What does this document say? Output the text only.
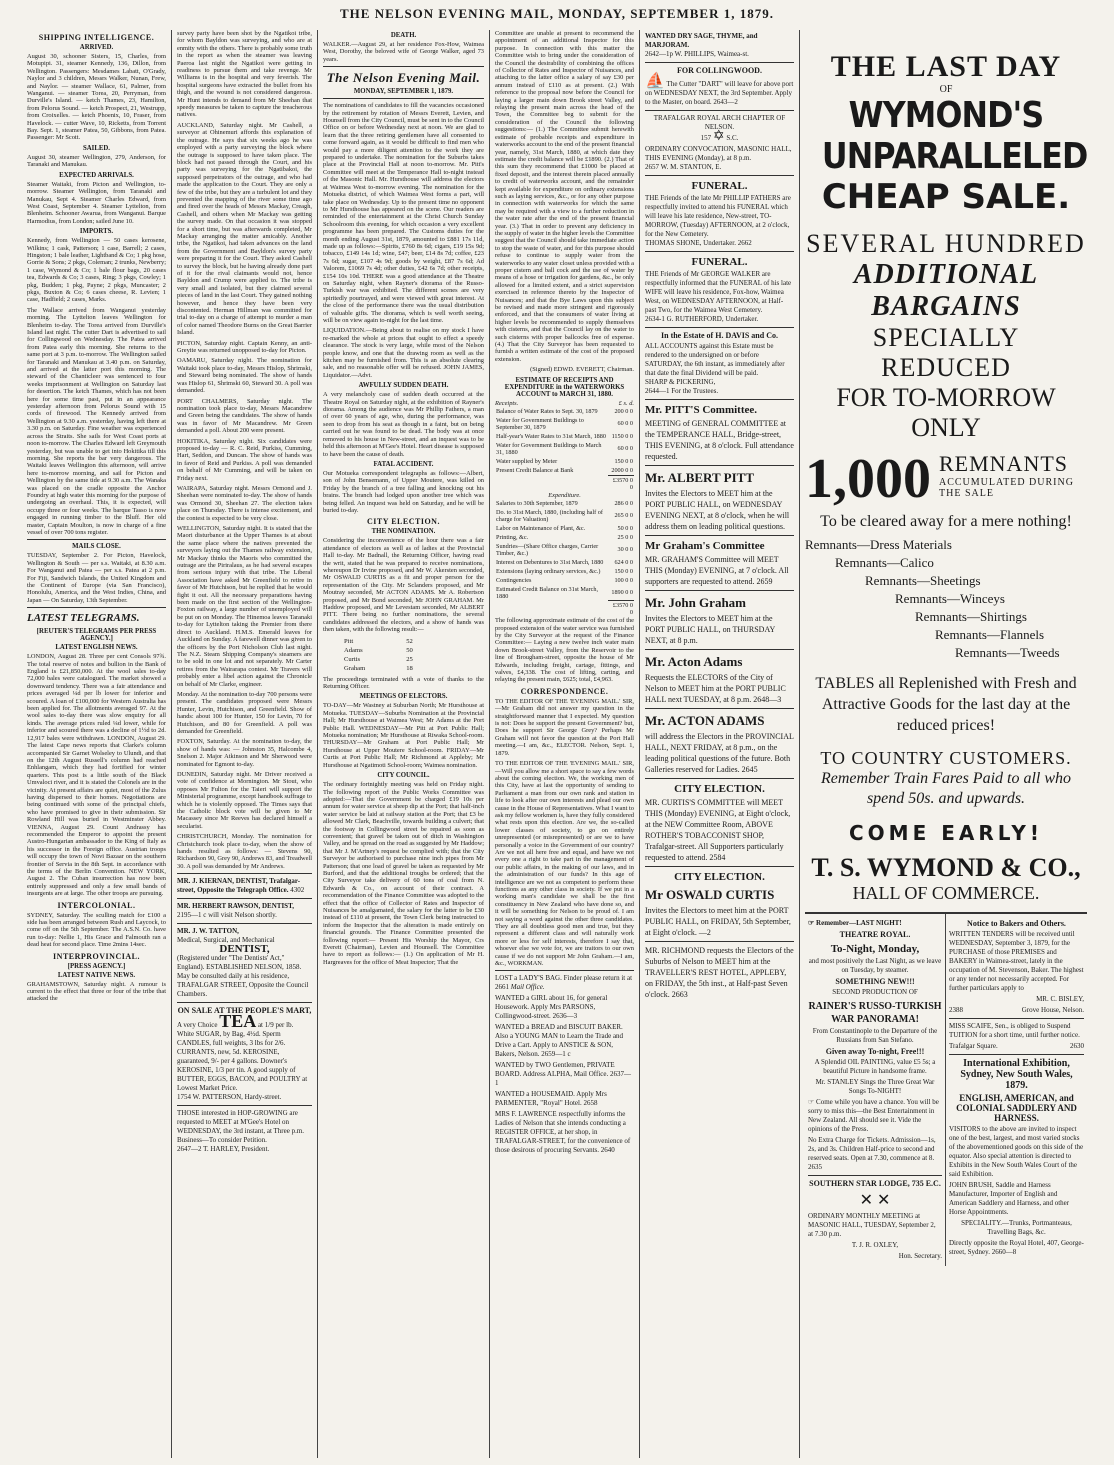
THE NELSON EVENING MAIL, MONDAY, SEPTEMBER 1, 1879.
SHIPPING INTELLIGENCE.
ARRIVED.

August 30, schooner Sisters, 15, Charles, from Motupipi. 31, steamer Kennedy, 136, Dillon, from Wellington. Passengers: Mesdames Labatt, O'Grady, Naylor and 3 children, Messrs Walker, Nunan, Frew, and Naylor. — steamer Wallace, 61, Palmer, from Wanganui. — steamer Torea, 20, Perryman, from Durville's Island. — ketch Thames, 23, Hamilton, from Pelorus Sound. — ketch Prospect, 21, Westrupp, from Croixelles. — ketch Phoenix, 10, Fraser, from Havelock. — cutter Wave, 10, Ricketts, from Torrent Bay. Sept. 1, steamer Patea, 50, Gibbons, from Patea. Passenger: Mr Scott.

SAILED.

August 30, steamer Wellington, 279, Anderson, for Taranaki and Manukau.

EXPECTED ARRIVALS.

Steamer Waitaki, from Picton and Wellington, to-morrow. Steamer Wellington, from Taranaki and Manukau, Sept 4. Steamer Charles Edward, from West Coast, September 4. Steamer Lyttelton, from Blenheim. Schooner Awarua, from Wanganui. Barque Harmodius, from London; sailed June 10.

IMPORTS.

Kennedy, from Wellington — 50 cases kerosene, Wilkins; 1 cask, Patterson; 1 case, Barrell; 2 cases, Hingston; 1 bale leather, Lightband & Co; 1 pkg hose, Gorrie & Sons; 2 pkgs, Coleman; 2 trunks, Newberry; 1 case, Wymond & Co; 1 bale flour bags, 20 cases tea, Edwards & Co; 3 cases, Ring; 3 pkgs, Cowley; 1 pkg, Budden; 1 pkg, Payne; 2 pkgs, Muncaster; 2 pkgs, Buxton & Co; 6 cases cheese, R. Levien; 1 case, Hadfield; 2 cases, Marks.

The Wallace arrived from Wanganui yesterday morning. The Lyttelton leaves Wellington for Blenheim to-day. The Torea arrived from Durville's Island last night. The cutter Dart is advertised to sail for Collingwood on Wednesday. The Patea arrived from Patea early this morning. She returns to the same port at 3 p.m. to-morrow. The Wellington sailed for Taranaki and Manukau at 3.40 p.m. on Saturday, and arrived at the latter port this morning. The steward of the Chanticleer was sentenced to four weeks imprisonment at Wellington on Saturday last for desertion. The ketch Thames, which has not been here for some time past, put in an appearance yesterday afternoon from Pelorus Sound with 15 cords of firewood. The Kennedy arrived from Wellington at 9.30 a.m. yesterday, having left there at 3.30 p.m. on Saturday. Fine weather was experienced across the Straits. She sails for West Coast ports at noon to-morrow. The Charles Edward left Greymouth yesterday, but was unable to get into Hokitika till this morning. She reports the bar very dangerous. The Waitaki leaves Wellington this afternoon, will arrive here to-morrow morning, and sail for Picton and Wellington by the same tide at 9.30 a.m. The Wanaka was placed on the cradle opposite the Anchor Foundry at high water this morning for the purpose of undergoing an overhaul. This, it is expected, will occupy three or four weeks. The barque Tasso is now engaged in running timber to the Bluff. Her old master, Captain Moulton, is now in charge of a fine vessel of over 700 tons register.

MAILS CLOSE.

TUESDAY, September 2. For Picton, Havelock, Wellington & South — per s.s. Waitaki, at 8.30 a.m. For Wanganui and Patea — per s.s. Patea at 2 p.m. For Fiji, Sandwich Islands, the United Kingdom and the Continent of Europe (via San Francisco), Honolulu, America, and the West Indies, China, and Japan — On Saturday, 13th September.

LATEST TELEGRAMS.
[REUTER'S TELEGRAMS PER PRESS AGENCY.]
LATEST ENGLISH NEWS.

LONDON, August 28. Three per cent Consols 97¾. The total reserve of notes and bullion in the Bank of England is £21,850,000. At the wool sales to-day 72,000 bales were catalogued. The market showed a downward tendency. There was a fair attendance and prices averaged ¼d per lb lower for inferior and scoured. A loan of £100,000 for Western Australia has been applied for. The allotments averaged 97. At the wool sales to-day there was slow enquiry for all kinds. The average prices ruled ¼d lower, while for inferior and scoured there was a decline of 1½d to 2d. 12,917 bales were withdrawn. LONDON, August 29. The latest Cape news reports that Clarke's column accompanied Sir Garnet Wolseley to Ulundi, and that on the 12th August Russell's column had reached Enhlangam, which they had fortified for winter quarters. This post is a little south of the Black Umvaloci river, and it is stated the Colonels are in the vicinity. At present affairs are quiet, most of the Zulus having dispersed to their homes. Negotiations are being continued with some of the principal chiefs, who have promised to give in their submission. Sir Rowland Hill was buried in Westminster Abbey. VIENNA, August 29. Count Andrassy has recommended the Emperor to appoint the present Austro-Hungarian ambassador to the King of Italy as his successor in the Foreign office. Austrian troops will occupy the town of Novi Bazaar on the southern frontier of Servia in the 8th Sept. in accordance with the terms of the Berlin Convention. NEW YORK, August 2. The Cuban insurrection has now been entirely suppressed and only a few small bands of insurgents are at large. The other troops are pursuing.

INTERCOLONIAL.

SYDNEY, Saturday. The sculling match for £100 a side has been arranged between Rush and Laycock, to come off on the 5th September. The A.S.N. Co. have run to-day: Nellie 1, His Grace and Falmouth ran a dead heat for second place. Time 2mins 14sec.

INTERPROVINCIAL.
[PRESS AGENCY.]
LATEST NATIVE NEWS.

GRAHAMSTOWN, Saturday night. A rumour is current to the effect that three or four of the tribe that attacked the

survey party have been shot by the Ngatikoi tribe, for whom Bayldon was surveying, and who are at enmity with the others. There is probably some truth in the report as when the steamer was leaving Paeroa last night the Ngatikoi were getting in readiness to pursue them and take revenge. Mr Williams is in the hospital and very feverish. The hospital surgeons have extracted the bullet from his thigh, and the wound is not considered dangerous. Mr Hunt intends to demand from Mr Sheehan that speedy measures be taken to capture the treacherous natives.

AUCKLAND, Saturday night. Mr Cashell, a surveyor at Ohinemuri affords this explanation of the outrage. He says that six weeks ago he was employed with a party surveying the block where the outrage is supposed to have taken place. The block had not passed through the Court, and his party was surveying for the Ngatibakoi, the supposed perpetrators of the outrage, and who had made the application to the Court. They are only a few of the tribe, but they are a turbulent lot and they prevented the mapping of the river some time ago and fired over the heads of Messrs Mackay, Creagh, Cashell, and others when Mr Mackay was getting the survey made. On that occasion it was stopped for a short time, but was afterwards completed, Mr Mackay arranging the matter amicably. Another tribe, the Ngatikoi, had taken advances on the land from the Government and Bayldon's survey party were preparing it for the Court. They asked Cashell to survey the block, but he having already done part of it for the rival claimants would not, hence Bayldon and Crump were applied to. The tribe is very small and isolated, but they claimed several pieces of land in the last Court. They gained nothing however, and hence they have been very discontented. Herman Hillman was committed for trial to-day on a charge of attempt to murder a man of color named Theodore Burns on the Great Barrier Island.

PICTON, Saturday night. Captain Kenny, an anti-Greyite was returned unopposed to-day for Picton.

OAMARU, Saturday night. The nomination for Waitaki took place to-day, Messrs Hislop, Shrimski, and Steward being nominated. The show of hands was Hislop 61, Shrimski 60, Steward 30. A poll was demanded.

PORT CHALMERS, Saturday night. The nomination took place to-day, Messrs Macandrew and Green being the candidates. The show of hands was in favor of Mr Macandrew. Mr Green demanded a poll. About 200 were present.

HOKITIKA, Saturday night. Six candidates were proposed to-day — R. C. Reid, Purkiss, Cumming, Hart, Seddon, and Duncan. The show of hands was in favor of Reid and Purkiss. A poll was demanded on behalf of Mr Cumming, and will be taken on Friday next.

WAIRAPA, Saturday night. Messrs Ormond and J. Sheehan were nominated to-day. The show of hands was Ormond 30, Sheehan 27. The election takes place on Thursday. There is intense excitement, and the contest is expected to be very close.

WELLINGTON, Saturday night. It is stated that the Maori disturbance at the Upper Thames is at about the same place where the natives prevented the surveyors laying out the Thames railway extension, Mr Mackay thinks the Maoris who committed the outrage are the Piriralaus, as he had several escapes from serious injury with that tribe. The Liberal Association have asked Mr Greenfield to retire in favor of Mr Hutchison, but he replied that he would fight it out. All the necessary preparations having been made on the first section of the Wellington-Foxton railway, a large number of unemployed will be put on on Monday. The Hinemoa leaves Taranaki to-day for Lyttelton taking the Premier from there direct to Auckland. H.M.S. Emerald leaves for Auckland on Sunday. A farewell dinner was given to the officers by the Port Nicholson Club last night. The N.Z. Steam Shipping Company's steamers are to be sold in one lot and not separately. Mr Carter retires from the Wairarapa contest. Mr Travers will probably enter a libel action against the Chronicle on behalf of Mr Clarke, engineer.

Monday. At the nomination to-day 700 persons were present. The candidates proposed were Messrs Hunter, Levin, Hutchison, and Greenfield. Show of hands: about 100 for Hunter, 150 for Levin, 70 for Hutchison, and 80 for Greenfield. A poll was demanded for Greenfield.

FOXTON, Saturday. At the nomination to-day, the show of hands was: — Johnston 35, Halcombe 4, Snelson 2. Major Atkinson and Mr Sherwood were nominated for Egmont to-day.

DUNEDIN, Saturday night. Mr Driver received a vote of confidence at Mornington. Mr Stout, who opposes Mr Fulton for the Taieri will support the Ministerial programme, except handbook suffrage to which he is violently opposed. The Times says that the Catholic block vote will be given to Mr Macassey since Mr Reeves has declared himself a secularist.

CHRISTCHURCH, Monday. The nomination for Christchurch took place to-day, when the show of hands resulted as follows: — Stevens 90, Richardson 90, Grey 90, Andrews 83, and Treadwell 30. A poll was demanded by Mr Andrews.

MR. J. KIERNAN, DENTIST, Trafalgar-street, Opposite the Telegraph Office. 4302
MR. HERBERT RAWSON, DENTIST,
2195—1 c will visit Nelson shortly.
MR. J. W. TATTON,
Medical, Surgical, and Mechanical
DENTIST,
(Registered under "The Dentists' Act," England). ESTABLISHED NELSON, 1858. May be consulted daily at his residence, TRAFALGAR STREET, Opposite the Council Chambers.
ON SALE AT THE PEOPLE'S MART,
A very Choice TEA at 1/9 per lb.
White SUGAR, by Bag, 4½d. Sperm CANDLES, full weights, 3 lbs for 2/6. CURRANTS, new, 5d. KEROSINE, guaranteed, 9/- per 4 gallons. Downer's KEROSINE, 1/3 per tin. A good supply of BUTTER, EGGS, BACON, and POULTRY at Lowest Market Price.
1754 W. PATTERSON, Hardy-street.
THOSE interested in HOP-GROWING are requested to MEET at M'Gee's Hotel on WEDNESDAY, the 3rd instant, at Three p.m. Business—To consider Petition.
2647—2 T. HARLEY, President.
DEATH.

WALKER.—August 29, at her residence Fox-How, Waimea West, Dorothy, the beloved wife of George Walker, aged 73 years.

The Nelson Evening Mail.
MONDAY, SEPTEMBER 1, 1879.

The nominations of candidates to fill the vacancies occasioned by the retirement by rotation of Messrs Everett, Levien, and Hounsell from the City Council, must be sent in to the Council Office on or before Wednesday next at noon. We are glad to learn that the three retiring gentlemen have all consented to come forward again, as it would be difficult to find men who would pay a more diligent attention to the work they are prepared to undertake. The nomination for the Suburbs takes place at the Provincial Hall at noon to-morrow. Mr. Pitt's Committee will meet at the Temperance Hall to-night instead of the Masonic Hall. Mr. Hursthouse will address the electors at Waimea West to-morrow evening. The nomination for the Motueka district, of which Waimea West forms a part, will take place on Wednesday. Up to the present time no opponent to Mr Hursthouse has appeared on the scene. Our readers are reminded of the entertainment at the Christ Church Sunday Schoolroom this evening, for which occasion a very excellent programme has been prepared. The Customs duties for the month ending August 31st, 1879, amounted to £881 17s 11d, made up as follows:—Spirits, £760 8s 6d; cigars, £19 15s 9d; tobacco, £149 14s 1d; wine, £47; beer, £14 8s 7d; coffee, £23 7s 6d; sugar, £107 4s 9d; goods by weight, £87 7s 6d; Ad Valorem, £1069 7s 4d; other duties, £42 6s 7d; other receipts, £154 10s 10d. THERE was a good attendance at the Theatre on Saturday night, when Rayner's diorama of the Russo-Turkish war was exhibited. The different scenes are very spiritedly pourtrayed, and were viewed with great interest. At the close of the performance there was the usual distribution of valuable gifts. The diorama, which is well worth seeing, will be on view again to-night for the last time.

LIQUIDATION.—Being about to realise on my stock I have re-marked the whole at prices that ought to effect a speedy clearance. The stock is very large, while most of the Nelson people know, and one that the drawing room as well as the kitchen may be furnished from. This is an absolute clearing sale, and no reasonable offer will be refused. JOHN JAMES, Liquidator.—Advt.

AWFULLY SUDDEN DEATH.

A very melancholy case of sudden death occurred at the Theatre Royal on Saturday night, at the exhibition of Rayner's diorama. Among the audience was Mr Phillip Fathers, a man of over 60 years of age, who, during the performance, was seen to drop from his seat as though in a faint, but on being carried out he was found to be dead. The body was at once removed to his house in New-street, and an inquest was to be held this afternoon at M'Gee's Hotel. Heart disease is supposed to have been the cause of death.

FATAL ACCIDENT.

Our Motueka correspondent telegraphs as follows:—Albert, son of John Bensemann, of Upper Moutere, was killed on Friday by the branch of a tree falling and knocking out his brains. The branch had lodged upon another tree which was being felled. An inquest was held on Saturday, and he will be buried to-day.

CITY ELECTION.
THE NOMINATION.

Considering the inconvenience of the hour there was a fair attendance of electors as well as of ladies at the Provincial Hall to-day. Mr Badnall, the Returning Officer, having read the writ, stated that he was prepared to receive nominations, whereupon Dr Irvine proposed, and Mr W. Akersten seconded, Mr OSWALD CURTIS as a fit and proper person for the representation of the City. Mr Sclanders proposed, and Mr Moutray seconded, Mr ACTON ADAMS. Mr A. Robertson proposed, and Mr Bond seconded, Mr JOHN GRAHAM. Mr Haddow proposed, and Mr Levestam seconded, Mr ALBERT PITT. There being no further nominations, the several candidates addressed the electors, and a show of hands was then taken, with the following result:—

Pitt	52
Adams	50
Curtis	25
Graham	18

The proceedings terminated with a vote of thanks to the Returning Officer.

MEETINGS OF ELECTORS.

TO-DAY—Mr Wastney at Suburban North; Mr Hursthouse at Motueka. TUESDAY—Suburbs Nomination at the Provincial Hall; Mr Hursthouse at Waimea West; Mr Adams at the Port Public Hall. WEDNESDAY—Mr Pitt at Port Public Hall; Motueka nomination; Mr Hursthouse at Riwaka School-room. THURSDAY—Mr Graham at Port Public Hall; Mr Hursthouse at Upper Moutere School-room. FRIDAY—Mr Curtis at Port Public Hall; Mr Richmond at Appleby; Mr Hursthouse at Ngatimoti School-room; Waimea nomination.

CITY COUNCIL.

The ordinary fortnightly meeting was held on Friday night. The following report of the Public Works Committee was adopted:—That the Government be charged £19 10s per annum for water service at sheep dip at the Port; that half-inch water service be laid at railway station at the Port; that £3 be allowed Mr Clark, Beachville, towards building a culvert; that the footway in Collingwood street be repaired as soon as convenient; that gravel be taken out of ditch in Washington Valley, and be spread on the road as suggested by Mr Haddow; that Mr J. M'Artney's request be complied with; that the City Surveyor be authorised to purchase nine inch pipes from Mr Patterson; that one load of gravel be taken as requested by Mr Burford, and that the additional troughs be ordered; that the City Surveyor take delivery of 60 tons of coal from N. Edwards & Co., on account of their contract. A recommendation of the Finance Committee was adopted to the effect that the office of Collector of Rates and Inspector of Nuisances be amalgamated, the salary for the latter to be £30 instead of £110 at present, the Town Clerk being instructed to inform the Inspector that the alteration is made entirely on financial grounds. The Finance Committee presented the following report:— Present His Worship the Mayor, Crs Everett (Chairman), Levien and Hounsell. The Committee have to report as follows:— (1.) On application of Mr H. Hargreaves for the office of Meat Inspector; That the

Committee are unable at present to recommend the appointment of an additional Inspector for this purpose. In connection with this matter the Committee wish to bring under the consideration of the Council the desirability of combining the offices of Collector of Rates and Inspector of Nuisances, and attaching to the latter office a salary of say £30 per annum instead of £110 as at present. (2.) With reference to the proposal now before the Council for laying a larger main down Brook street Valley, and relaying the present main across the head of the Town, the Committee beg to submit for the consideration of the Council the following suggestions:— (1.) The Committee submit herewith estimate of probable receipts and expenditure in waterworks account to the end of the present financial year, namely, 31st March, 1880, at which date they estimate the credit balance will be £1890. (2.) That of this sum they recommend that £1000 be placed at fixed deposit, and the interest therein placed annually to credit of waterworks account, and the remainder kept available for expenditure on ordinary extensions such as laying services, &c., or for any other purpose in connection with waterworks for which the same may be required with a view to a further reduction in the water rate after the end of the present financial year. (3.) That in order to prevent any deficiency in the supply of water in the higher levels the Committee suggest that the Council should take immediate action to stop the waste of water, and for this purpose should refuse to continue to supply water from the waterworks to any water closet unless provided with a proper cistern and ball cock and the use of water by means of a hose or irrigation for gardens, &c., be only allowed for a limited extent, and a strict supervision exercised in reference thereto by the Inspector of Nuisances; and that the Bye Laws upon this subject be revised and made more stringent and rigorously enforced, and that the consumers of water living at higher levels be recommended to supply themselves with cisterns, and that the Council lay on the water to such cisterns with proper ballcocks free of expense. (4.) That the City Surveyor has been requested to furnish a written estimate of the cost of the proposed extension.

(Signed) EDWD. EVERETT, Chairman.

ESTIMATE OF RECEIPTS AND EXPENDITURE in the WATERWORKS ACCOUNT to MARCH 31, 1880.
Receipts.	£ s. d.
Balance of Water Rates to Sept. 30, 1879	200 0 0
Water for Government Buildings to September 30, 1879	60 0 0
Half-year's Water Rates to 31st March, 1880	1150 0 0
Water for Government Buildings to March 31, 1880	60 0 0
Water supplied by Meter	150 0 0
Present Credit Balance at Bank	2000 0 0
	£3570 0 0
Expenditure.
Salaries to 30th September, 1879	286 0 0
Do. to 31st March, 1880, (including half of charge for Valuation)	265 0 0
Labor on Maintenance of Plant, &c.	50 0 0
Printing, &c.	25 0 0
Sundries—(Share Office charges, Carrier Timber, &c.)	30 0 0
Interest on Debentures to 31st March, 1880	624 0 0
Extensions (laying ordinary services, &c.)	150 0 0
Contingencies	100 0 0
Estimated Credit Balance on 31st March, 1880	1890 0 0
	£3570 0 0

The following approximate estimate of the cost of the proposed extension of the water service was furnished by the City Surveyor at the request of the Finance Committee:— Laying a new twelve inch water main down Brook-street Valley, from the Reservoir to the line of Brougham-street, opposite the house of Mr Edwards, including freight, cartage, fittings, and valves, £4,338. The cost of lifting, carting, and relaying the present main, £625; total, £4,963.

CORRESPONDENCE.

TO THE EDITOR OF THE 'EVENING MAIL.' SIR,—Mr Graham did not answer my question in the straightforward manner that I expected. My question is not: Does he support the present Government? but, Does he support Sir George Grey? Perhaps Mr Graham will not favor the question at the Port Hall meeting.—I am, &c., ELECTOR. Nelson, Sept. 1, 1879.

TO THE EDITOR OF THE 'EVENING MAIL.' SIR,—Will you allow me a short space to say a few words about the coming election. We, the working men of this City, have at last the opportunity of sending to Parliament a man from our own rank and station in life to look after our own interests and plead our own cause in the House of Representatives. What I want to ask my fellow workmen is, have they fully considered what rests upon this election. Are we, the so-called lower classes of society, to go on entirely unrepresented (or misrepresented) or are we to have personally a voice in the Government of our country? Are we not all here free and equal, and have we not every one a right to take part in the management of our public affairs, in the making of our laws, and in the administration of our funds? In this age of intelligence are we not as competent to perform these functions as any other class in society. If we put in a working man's candidate we shall be the first constituency in New Zealand who have done so, and it will be something for Nelson to be proud of. I am not saying a word against the other three candidates. They are all doubtless good men and true, but they represent a different class and will naturally work more or less for self interests, therefore I say that, whoever else we vote for, we are traitors to our own cause if we do not support Mr John Graham.—I am, &c., WORKMAN.

LOST a LADY'S BAG. Finder please return it at
2661 Mail Office.
WANTED a GIRL about 16, for general Housework. Apply Mrs PARSONS, Collingwood-street. 2636—3
WANTED a BREAD and BISCUIT BAKER. Also a YOUNG MAN to Learn the Trade and Drive a Cart. Apply to ANSTICE & SON, Bakers, Nelson. 2659—1 c
WANTED by TWO Gentlemen, PRIVATE BOARD. Address ALPHA, Mail Office. 2637—1
WANTED a HOUSEMAID. Apply Mrs PARMENTER, "Royal" Hotel. 2658
MRS F. LAWRENCE respectfully informs the Ladies of Nelson that she intends conducting a REGISTER OFFICE, at her shop, in TRAFALGAR-STREET, for the convenience of those desirous of procuring Servants. 2640
WANTED DRY SAGE, THYME, and MARJORAM.
2642—1p W. PHILLIPS, Waimea-st.
FOR COLLINGWOOD.
⛵ The Cutter "DART" will leave for above port on WEDNESDAY NEXT, the 3rd September. Apply to the Master, on board. 2643—2
TRAFALGAR ROYAL ARCH CHAPTER OF NELSON.
157 ✡ S.C.
ORDINARY CONVOCATION, MASONIC HALL, THIS EVENING (Monday), at 8 p.m.
2657 W. M. STANTON, E.
FUNERAL.
THE Friends of the late Mr PHILLIP FATHERS are respectfully invited to attend his FUNERAL which will leave his late residence, New-street, TO-MORROW, (Tuesday) AFTERNOON, at 2 o'clock, for the New Cemetery.
THOMAS SHONE, Undertaker. 2662
FUNERAL.
THE Friends of Mr GEORGE WALKER are respectfully informed that the FUNERAL of his late WIFE will leave his residence, Fox-how, Waimea West, on WEDNESDAY AFTERNOON, at Half-past Two, for the Waimea West Cemetery.
2634-1 G. RUTHERFORD, Undertaker.
In the Estate of H. DAVIS and Co.
ALL ACCOUNTS against this Estate must be rendered to the undersigned on or before SATURDAY, the 6th instant, as immediately after that date the final Dividend will be paid.
SHARP & PICKERING,
2644—1 For the Trustees.
Mr. PITT'S Committee.
MEETING of GENERAL COMMITTEE at the TEMPERANCE HALL, Bridge-street, THIS EVENING, at 8 o'clock. Full attendance requested.
Mr. ALBERT PITT
Invites the Electors to MEET him at the PORT PUBLIC HALL, on WEDNESDAY EVENING NEXT, at 8 o'clock, when he will address them on leading political questions.
Mr Graham's Committee
MR. GRAHAM'S Committee will MEET THIS (Monday) EVENING, at 7 o'clock. All supporters are requested to attend. 2659
Mr. John Graham
Invites the Electors to MEET him at the PORT PUBLIC HALL, on THURSDAY NEXT, at 8 p.m.
Mr. Acton Adams
Requests the ELECTORS of the City of Nelson to MEET him at the PORT PUBLIC HALL next TUESDAY, at 8 p.m. 2648—3
Mr. ACTON ADAMS
will address the Electors in the PROVINCIAL HALL, NEXT FRIDAY, at 8 p.m., on the leading political questions of the future. Both Galleries reserved for Ladies. 2645
CITY ELECTION.
MR. CURTIS'S COMMITTEE will MEET THIS (Monday) EVENING, at Eight o'clock, at the NEW Committee Room, ABOVE ROTHER'S TOBACCONIST SHOP, Trafalgar-street. All Supporters particularly requested to attend. 2584
CITY ELECTION.
Mr OSWALD CURTIS
Invites the Electors to meet him at the PORT PUBLIC HALL, on FRIDAY, 5th September, at Eight o'clock. —2
MR. RICHMOND requests the Electors of the Suburbs of Nelson to MEET him at the TRAVELLER'S REST HOTEL, APPLEBY, on FRIDAY, the 5th inst., at Half-past Seven o'clock. 2663
THE LAST DAY
OF
WYMOND'S UNPARALLELED
CHEAP SALE.
SEVERAL HUNDRED
ADDITIONAL BARGAINS
SPECIALLY REDUCED
FOR TO-MORROW ONLY
1,000 REMNANTS
ACCUMULATED DURING THE SALE
To be cleared away for a mere nothing!
Remnants—Dress Materials
Remnants—Calico
Remnants—Sheetings
Remnants—Winceys
Remnants—Shirtings
Remnants—Flannels
Remnants—Tweeds
TABLES all Replenished with Fresh and Attractive Goods for the last day at the reduced prices!
TO COUNTRY CUSTOMERS.
Remember Train Fares Paid to all who spend 50s. and upwards.
COME EARLY!
T. S. WYMOND & CO.,
HALL OF COMMERCE.
☞ Remember—LAST NIGHT!
THEATRE ROYAL.
To-Night, Monday,
and most positively the Last Night, as we leave on Tuesday, by steamer.
SOMETHING NEW!!!
SECOND PRODUCTION OF
RAINER'S RUSSO-TURKISH
WAR PANORAMA!
From Constantinople to the Departure of the Russians from San Stefano.
Given away To-night, Free!!!
A Splendid OIL PAINTING, value £5 5s; a beautiful Picture in handsome frame.
Mr. STANLEY Sings the Three Great War Songs To-NIGHT!
☞ Come while you have a chance. You will be sorry to miss this—the Best Entertainment in New Zealand. All should see it. Vide the opinions of the Press.
No Extra Charge for Tickets. Admission—1s, 2s, and 3s. Children Half-price to second and reserved seats. Open at 7.30, commence at 8. 2635
SOUTHERN STAR LODGE, 735 E.C.
✕ ✕
ORDINARY MONTHLY MEETING at MASONIC HALL, TUESDAY, September 2, at 7.30 p.m.
T. J. R. OXLEY,
Hon. Secretary.
Notice to Bakers and Others.
WRITTEN TENDERS will be received until WEDNESDAY, September 3, 1879, for the PURCHASE of those PREMISES and BAKERY in Waimea-street, lately in the occupation of M. Stevenson, Baker. The highest or any tender not necessarily accepted. For further particulars apply to
MR. C. BISLEY,
2388	Grove House, Nelson.
MISS SCAIFE, Sen., is obliged to Suspend TUITION for a short time, until further notice.
Trafalgar Square.	2630
International Exhibition, Sydney, New South Wales, 1879.
ENGLISH, AMERICAN, and COLONIAL SADDLERY AND HARNESS.
VISITORS to the above are invited to inspect one of the best, largest, and most varied stocks of the abovementioned goods on this side of the equator. Also special attention is directed to Exhibits in the New South Wales Court of the said Exhibition.
JOHN BRUSH, Saddle and Harness Manufacturer, Importer of English and American Saddlery and Harness, and other Horse Appointments.
SPECIALITY.—Trunks, Portmanteaus, Travelling Bags, &c.
Directly opposite the Royal Hotel, 407, George-street, Sydney. 2660—8
